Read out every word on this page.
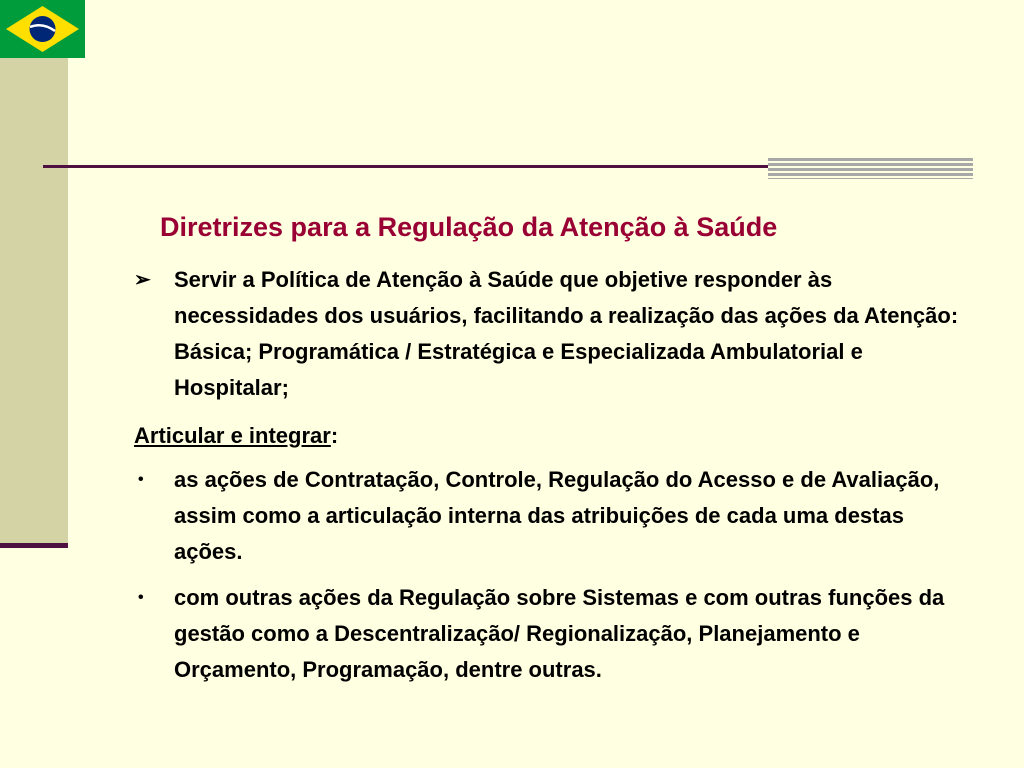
Diretrizes para a Regulação da Atenção à Saúde
➢ Servir a Política de Atenção à Saúde que objetive responder às necessidades dos usuários, facilitando a realização das ações da Atenção: Básica; Programática / Estratégica e Especializada Ambulatorial e Hospitalar;
Articular e integrar:
• as ações de Contratação, Controle, Regulação do Acesso e de Avaliação, assim como a articulação interna das atribuições de cada uma destas ações.
• com outras ações da Regulação sobre Sistemas e com outras funções da gestão como a Descentralização/ Regionalização, Planejamento e Orçamento, Programação, dentre outras.
